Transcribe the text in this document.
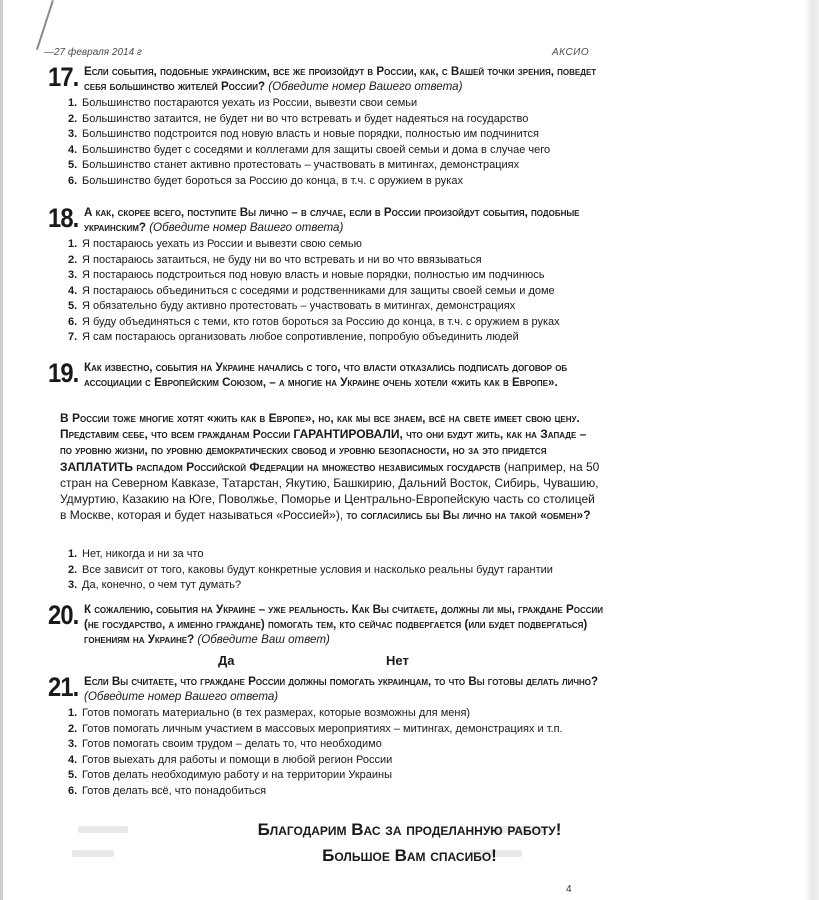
—27 февраля 2014 г	АКСИО
17. Если события, подобные украинским, все же произойдут в России, как, с Вашей точки зрения, поведет себя большинство жителей России? (Обведите номер Вашего ответа)
1. Большинство постараются уехать из России, вывезти свои семьи
2. Большинство затаится, не будет ни во что встревать и будет надеяться на государство
3. Большинство подстроится под новую власть и новые порядки, полностью им подчинится
4. Большинство будет с соседями и коллегами для защиты своей семьи и дома в случае чего
5. Большинство станет активно протестовать – участвовать в митингах, демонстрациях
6. Большинство будет бороться за Россию до конца, в т.ч. с оружием в руках
18. А как, скорее всего, поступите Вы лично – в случае, если в России произойдут события, подобные украинским? (Обведите номер Вашего ответа)
1. Я постараюсь уехать из России и вывезти свою семью
2. Я постараюсь затаиться, не буду ни во что встревать и ни во что ввязываться
3. Я постараюсь подстроиться под новую власть и новые порядки, полностью им подчинюсь
4. Я постараюсь объединиться с соседями и родственниками для защиты своей семьи и доме
5. Я обязательно буду активно протестовать – участвовать в митингах, демонстрациях
6. Я буду объединяться с теми, кто готов бороться за Россию до конца, в т.ч. с оружием в руках
7. Я сам постараюсь организовать любое сопротивление, попробую объединить людей
19. Как известно, события на Украине начались с того, что власти отказались подписать договор об ассоциации с Европейским Союзом, – а многие на Украине очень хотели «жить как в Европе».
В России тоже многие хотят «жить как в Европе», но, как мы все знаем, всё на свете имеет свою цену. Представим себе, что всем гражданам России ГАРАНТИРОВАЛИ, что они будут жить, как на Западе – по уровню жизни, по уровню демократических свобод и уровню безопасности, но за это придется ЗАПЛАТИТЬ распадом Российской Федерации на множество независимых государств (например, на 50 стран на Северном Кавказе, Татарстан, Якутию, Башкирию, Дальний Восток, Сибирь, Чувашию, Удмуртию, Казакию на Юге, Поволжье, Поморье и Центрально-Европейскую часть со столицей в Москве, которая и будет называться «Россией»), то согласились бы Вы лично на такой «обмен»?
1. Нет, никогда и ни за что
2. Все зависит от того, каковы будут конкретные условия и насколько реальны будут гарантии
3. Да, конечно, о чем тут думать?
20. К сожалению, события на Украине – уже реальность. Как Вы считаете, должны ли мы, граждане России (не государство, а именно граждане) помогать тем, кто сейчас подвергается (или будет подвергаться) гонениям на Украине? (Обведите Ваш ответ)
Да	Нет
21. Если Вы считаете, что граждане России должны помогать украинцам, то что Вы готовы делать лично? (Обведите номер Вашего ответа)
1. Готов помогать материально (в тех размерах, которые возможны для меня)
2. Готов помогать личным участием в массовых мероприятиях – митингах, демонстрациях и т.п.
3. Готов помогать своим трудом – делать то, что необходимо
4. Готов выехать для работы и помощи в любой регион России
5. Готов делать необходимую работу и на территории Украины
6. Готов делать всё, что понадобиться
Благодарим Вас за проделанную работу!
Большое Вам спасибо!
4
